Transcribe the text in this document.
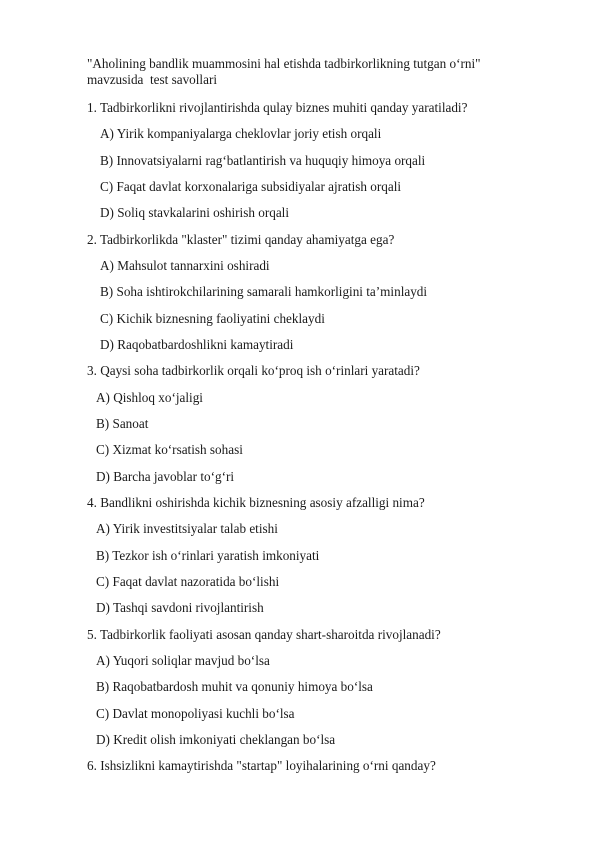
"Aholining bandlik muammosini hal etishda tadbirkorlikning tutgan o‘rni"
mavzusida  test savollari
1. Tadbirkorlikni rivojlantirishda qulay biznes muhiti qanday yaratiladi?
A) Yirik kompaniyalarga cheklovlar joriy etish orqali
B) Innovatsiyalarni rag‘batlantirish va huquqiy himoya orqali
C) Faqat davlat korxonalariga subsidiyalar ajratish orqali
D) Soliq stavkalarini oshirish orqali
2. Tadbirkorlikda "klaster" tizimi qanday ahamiyatga ega?
A) Mahsulot tannarxini oshiradi
B) Soha ishtirokchilarining samarali hamkorligini ta’minlaydi
C) Kichik biznesning faoliyatini cheklaydi
D) Raqobatbardoshlikni kamaytiradi
3. Qaysi soha tadbirkorlik orqali ko‘proq ish o‘rinlari yaratadi?
A) Qishloq xo‘jaligi
B) Sanoat
C) Xizmat ko‘rsatish sohasi
D) Barcha javoblar to‘g‘ri
4. Bandlikni oshirishda kichik biznesning asosiy afzalligi nima?
A) Yirik investitsiyalar talab etishi
B) Tezkor ish o‘rinlari yaratish imkoniyati
C) Faqat davlat nazoratida bo‘lishi
D) Tashqi savdoni rivojlantirish
5. Tadbirkorlik faoliyati asosan qanday shart-sharoitda rivojlanadi?
A) Yuqori soliqlar mavjud bo‘lsa
B) Raqobatbardosh muhit va qonuniy himoya bo‘lsa
C) Davlat monopoliyasi kuchli bo‘lsa
D) Kredit olish imkoniyati cheklangan bo‘lsa
6. Ishsizlikni kamaytirishda "startap" loyihalarining o‘rni qanday?
